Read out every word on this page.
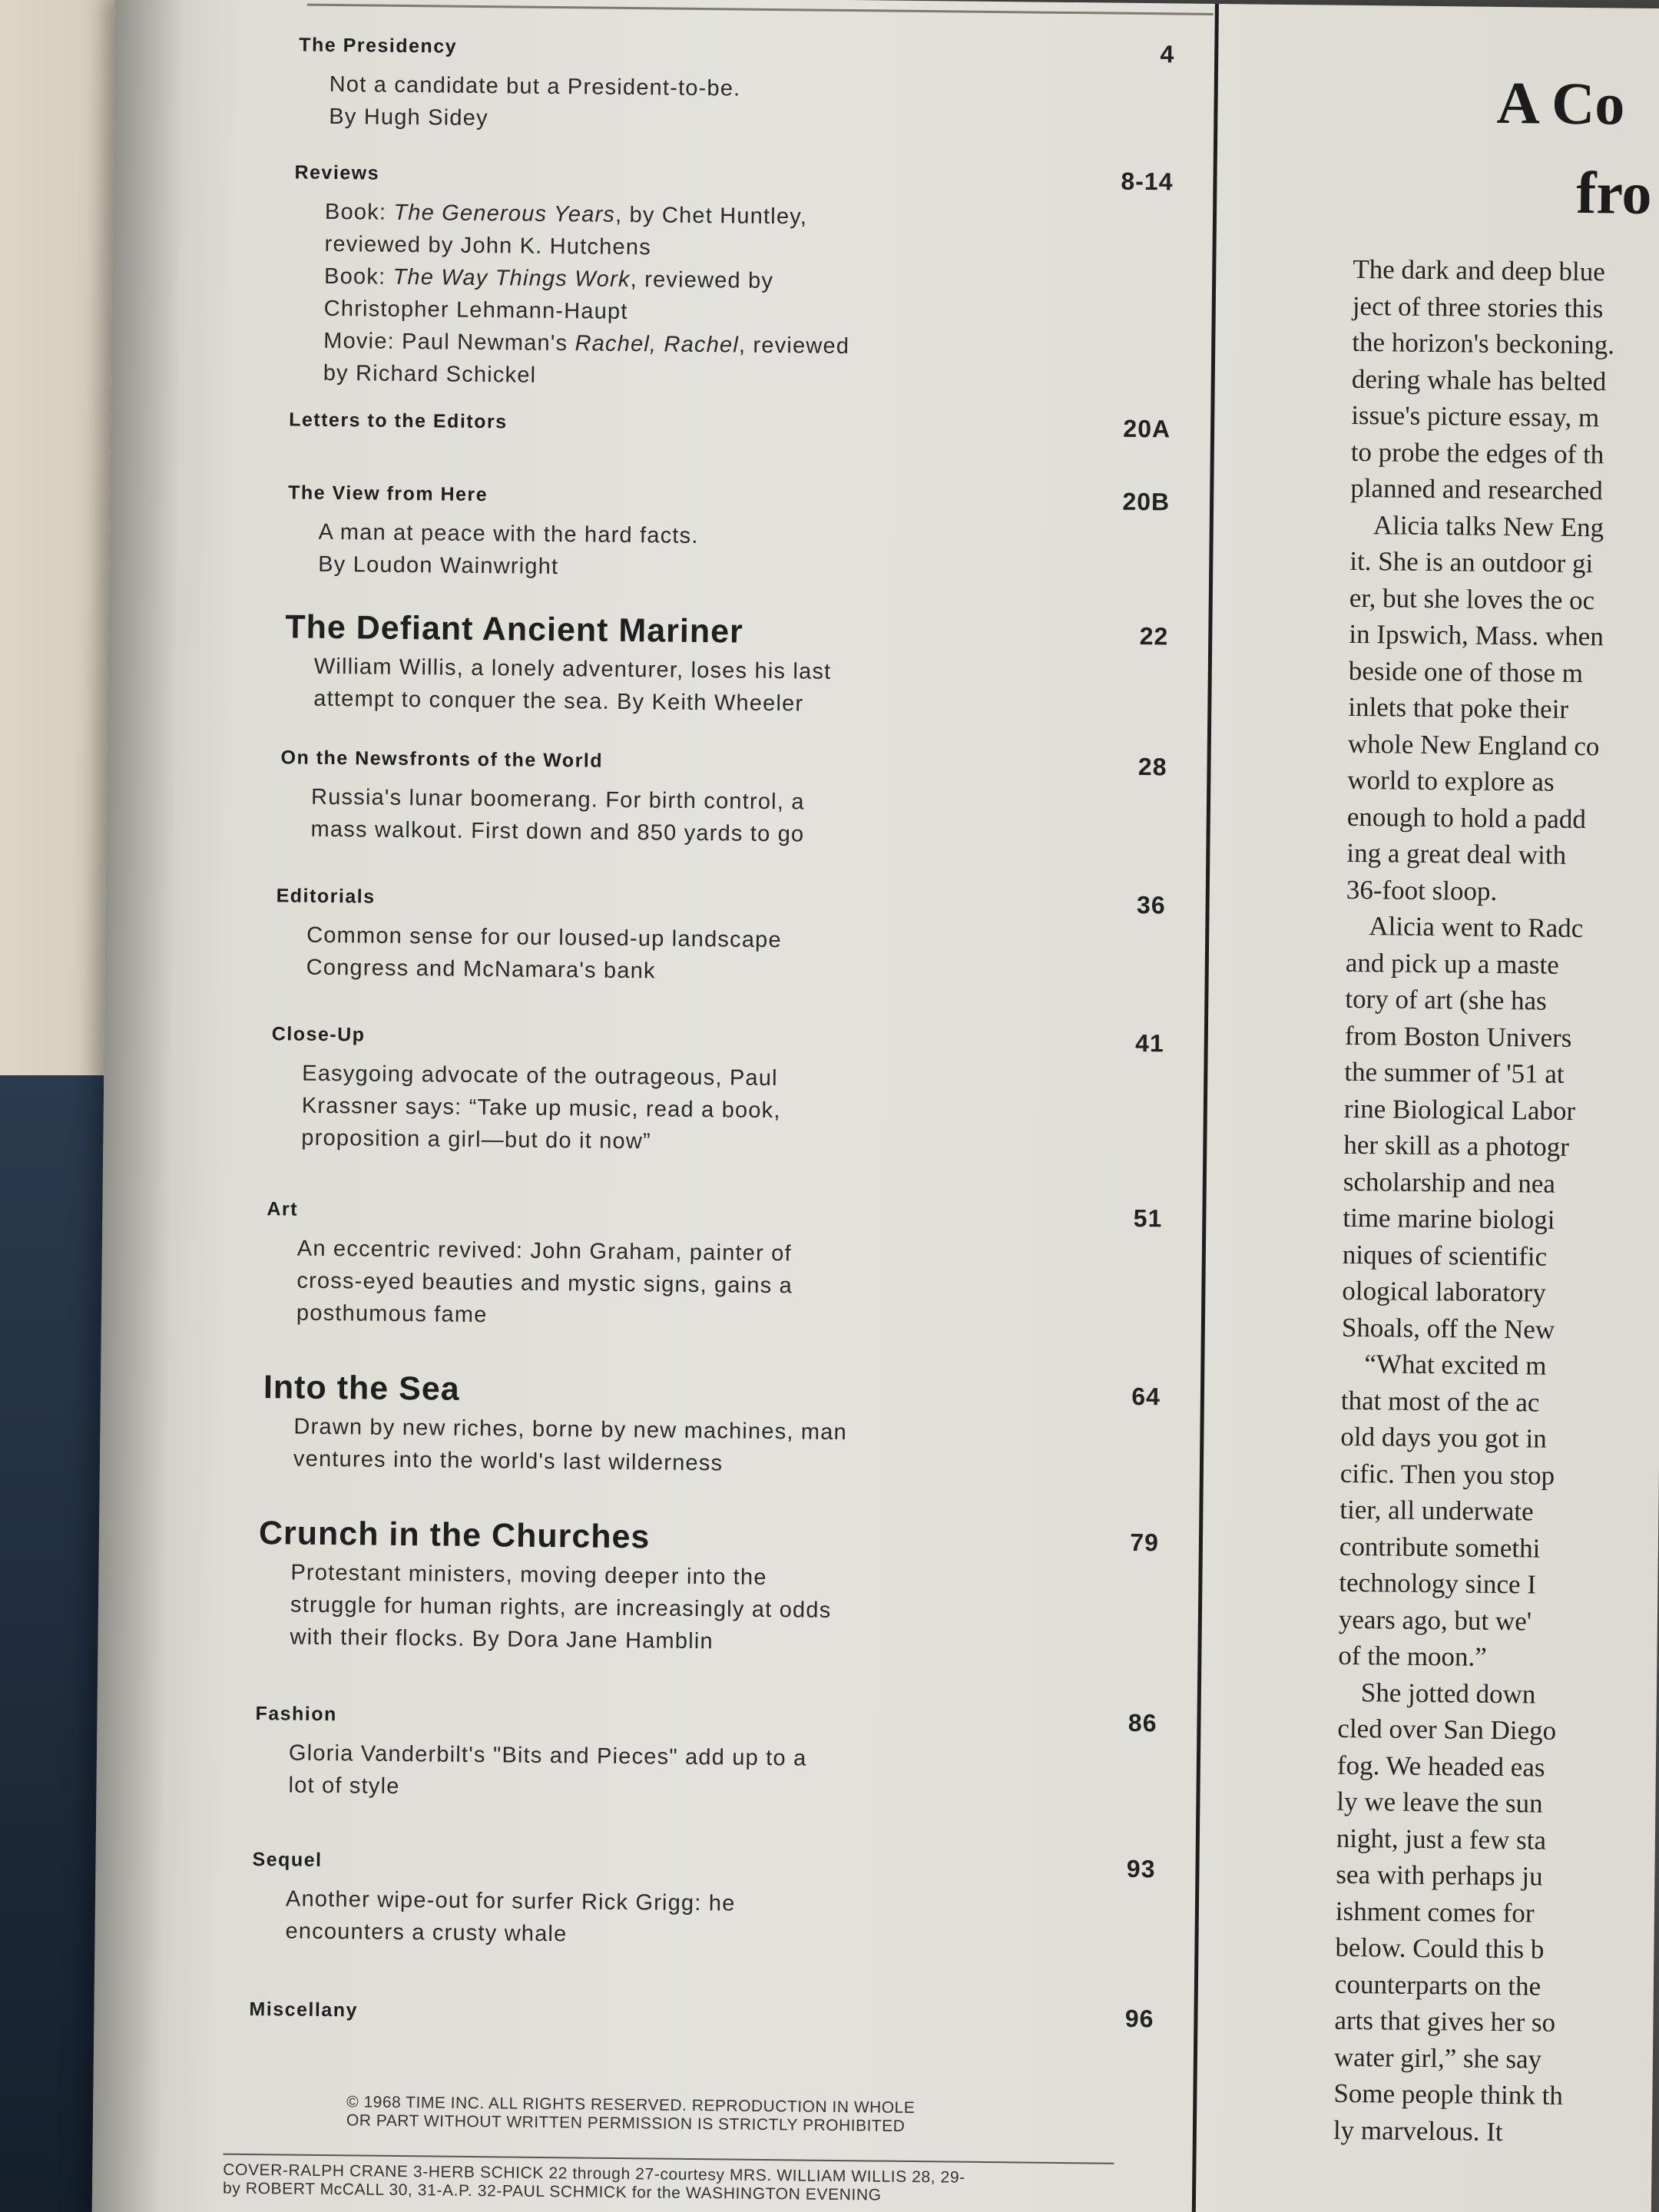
The Presidency	4
Not a candidate but a President-to-be.
By Hugh Sidey
Reviews	8-14
Book: The Generous Years, by Chet Huntley,
reviewed by John K. Hutchens
Book: The Way Things Work, reviewed by
Christopher Lehmann-Haupt
Movie: Paul Newman's Rachel, Rachel, reviewed
by Richard Schickel
Letters to the Editors	20A
The View from Here	20B
A man at peace with the hard facts.
By Loudon Wainwright
The Defiant Ancient Mariner	22
William Willis, a lonely adventurer, loses his last
attempt to conquer the sea. By Keith Wheeler
On the Newsfronts of the World	28
Russia's lunar boomerang. For birth control, a
mass walkout. First down and 850 yards to go
Editorials	36
Common sense for our loused-up landscape
Congress and McNamara's bank
Close-Up	41
Easygoing advocate of the outrageous, Paul
Krassner says: “Take up music, read a book,
proposition a girl—but do it now”
Art	51
An eccentric revived: John Graham, painter of
cross-eyed beauties and mystic signs, gains a
posthumous fame
Into the Sea	64
Drawn by new riches, borne by new machines, man
ventures into the world's last wilderness
Crunch in the Churches	79
Protestant ministers, moving deeper into the
struggle for human rights, are increasingly at odds
with their flocks. By Dora Jane Hamblin
Fashion	86
Gloria Vanderbilt's "Bits and Pieces" add up to a
lot of style
Sequel	93
Another wipe-out for surfer Rick Grigg: he
encounters a crusty whale
Miscellany	96
© 1968 TIME INC. ALL RIGHTS RESERVED. REPRODUCTION IN WHOLE
OR PART WITHOUT WRITTEN PERMISSION IS STRICTLY PROHIBITED
COVER-RALPH CRANE 3-HERB SCHICK 22 through 27-courtesy MRS. WILLIAM WILLIS 28, 29-
by ROBERT McCALL 30, 31-A.P. 32-PAUL SCHMICK for the WASHINGTON EVENING
A Co
fro
The dark and deep blue
ject of three stories this
the horizon's beckoning.
dering whale has belted
issue's picture essay, m
to probe the edges of th
planned and researched
Alicia talks New Eng
it. She is an outdoor gi
er, but she loves the oc
in Ipswich, Mass. when
beside one of those m
inlets that poke their
whole New England co
world to explore as
enough to hold a padd
ing a great deal with
36-foot sloop.
Alicia went to Radc
and pick up a maste
tory of art (she has
from Boston Univers
the summer of '51 at
rine Biological Labor
her skill as a photogr
scholarship and nea
time marine biologi
niques of scientific
ological laboratory
Shoals, off the New
“What excited m
that most of the ac
old days you got in
cific. Then you stop
tier, all underwate
contribute somethi
technology since I
years ago, but we'
of the moon.”
She jotted down
cled over San Diego
fog. We headed eas
ly we leave the sun
night, just a few sta
sea with perhaps ju
ishment comes for
below. Could this b
counterparts on the
arts that gives her so
water girl,” she say
Some people think th
ly marvelous. It
